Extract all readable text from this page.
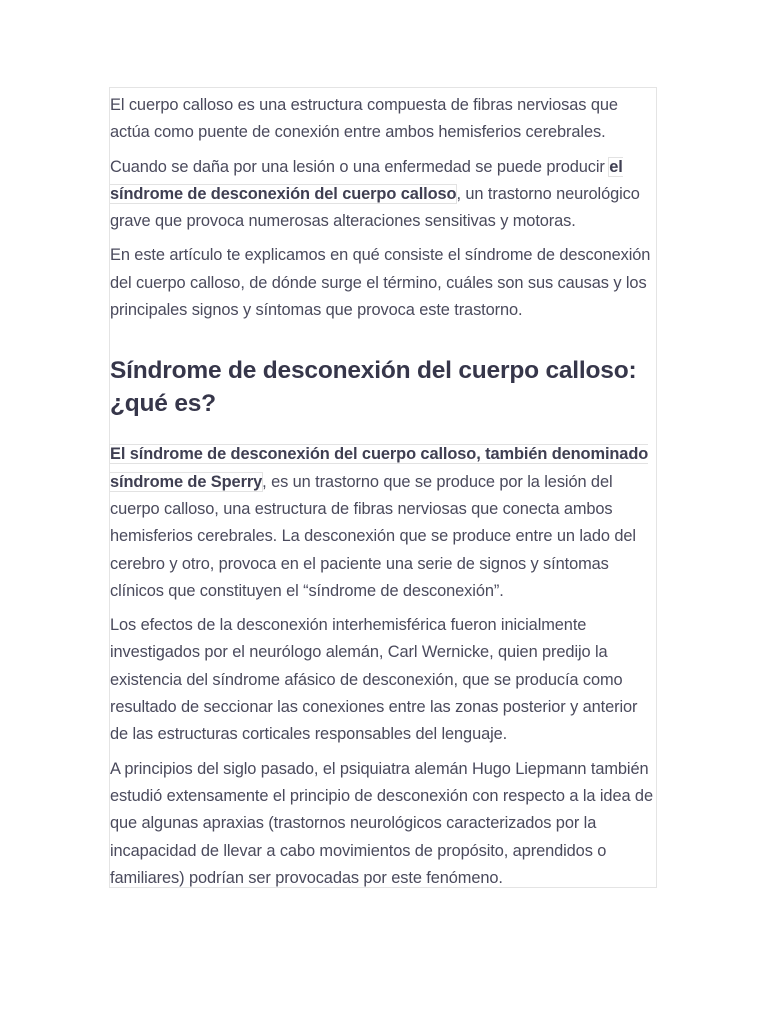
El cuerpo calloso es una estructura compuesta de fibras nerviosas que actúa como puente de conexión entre ambos hemisferios cerebrales.

Cuando se daña por una lesión o una enfermedad se puede producir el síndrome de desconexión del cuerpo calloso, un trastorno neurológico grave que provoca numerosas alteraciones sensitivas y motoras.

En este artículo te explicamos en qué consiste el síndrome de desconexión del cuerpo calloso, de dónde surge el término, cuáles son sus causas y los principales signos y síntomas que provoca este trastorno.

Síndrome de desconexión del cuerpo calloso: ¿qué es?

El síndrome de desconexión del cuerpo calloso, también denominado síndrome de Sperry, es un trastorno que se produce por la lesión del cuerpo calloso, una estructura de fibras nerviosas que conecta ambos hemisferios cerebrales. La desconexión que se produce entre un lado del cerebro y otro, provoca en el paciente una serie de signos y síntomas clínicos que constituyen el “síndrome de desconexión”.

Los efectos de la desconexión interhemisférica fueron inicialmente investigados por el neurólogo alemán, Carl Wernicke, quien predijo la existencia del síndrome afásico de desconexión, que se producía como resultado de seccionar las conexiones entre las zonas posterior y anterior de las estructuras corticales responsables del lenguaje.

A principios del siglo pasado, el psiquiatra alemán Hugo Liepmann también estudió extensamente el principio de desconexión con respecto a la idea de que algunas apraxias (trastornos neurológicos caracterizados por la incapacidad de llevar a cabo movimientos de propósito, aprendidos o familiares) podrían ser provocadas por este fenómeno.
